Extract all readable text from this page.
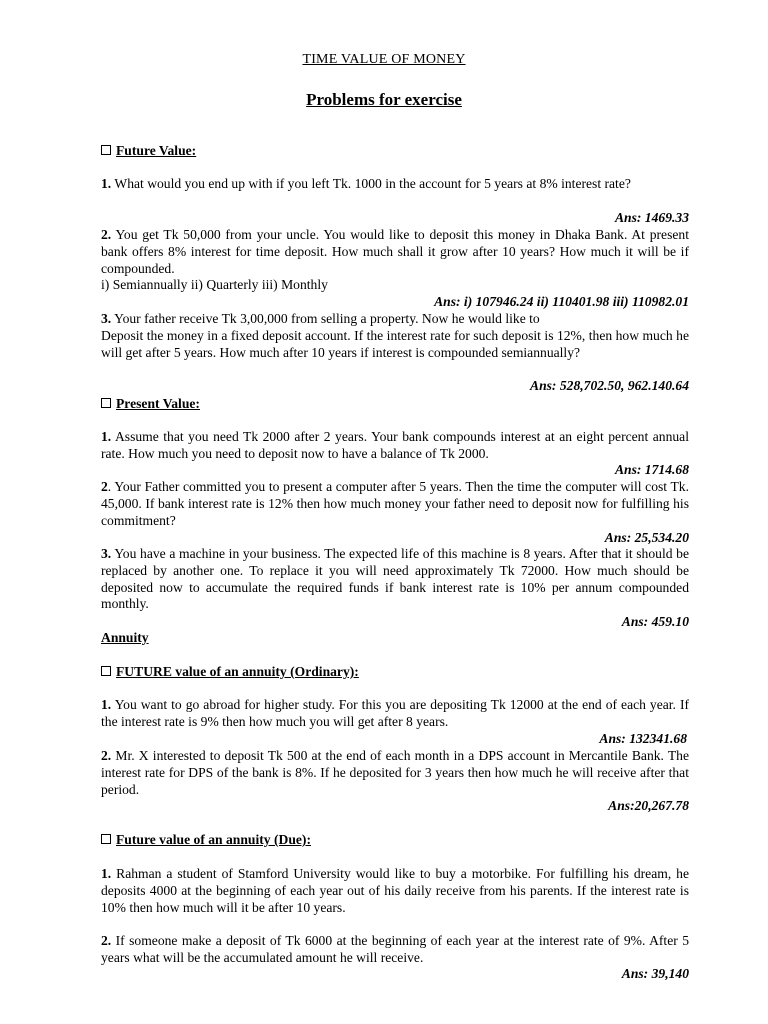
TIME VALUE OF MONEY
Problems for exercise
Future Value:
1. What would you end up with if you left Tk. 1000 in the account for 5 years at 8% interest rate?
Ans: 1469.33
2. You get Tk 50,000 from your uncle. You would like to deposit this money in Dhaka Bank. At present bank offers 8% interest for time deposit. How much shall it grow after 10 years? How much it will be if compounded.
i) Semiannually ii) Quarterly iii) Monthly
Ans: i) 107946.24 ii) 110401.98 iii) 110982.01
3. Your father receive Tk 3,00,000 from selling a property. Now he would like to
Deposit the money in a fixed deposit account. If the interest rate for such deposit is 12%, then how much he will get after 5 years. How much after 10 years if interest is compounded semiannually?
Ans: 528,702.50, 962.140.64
Present Value:
1. Assume that you need Tk 2000 after 2 years. Your bank compounds interest at an eight percent annual rate. How much you need to deposit now to have a balance of Tk 2000.
Ans: 1714.68
2. Your Father committed you to present a computer after 5 years. Then the time the computer will cost Tk. 45,000. If bank interest rate is 12% then how much money your father need to deposit now for fulfilling his commitment?
Ans: 25,534.20
3. You have a machine in your business. The expected life of this machine is 8 years. After that it should be replaced by another one. To replace it you will need approximately Tk 72000. How much should be deposited now to accumulate the required funds if bank interest rate is 10% per annum compounded monthly.
Ans: 459.10
Annuity
FUTURE value of an annuity (Ordinary):
1. You want to go abroad for higher study. For this you are depositing Tk 12000 at the end of each year. If the interest rate is 9% then how much you will get after 8 years.
Ans: 132341.68
2. Mr. X interested to deposit Tk 500 at the end of each month in a DPS account in Mercantile Bank. The interest rate for DPS of the bank is 8%. If he deposited for 3 years then how much he will receive after that period.
Ans:20,267.78
Future value of an annuity (Due):
1. Rahman a student of Stamford University would like to buy a motorbike. For fulfilling his dream, he deposits 4000 at the beginning of each year out of his daily receive from his parents. If the interest rate is 10% then how much will it be after 10 years.
2. If someone make a deposit of Tk 6000 at the beginning of each year at the interest rate of 9%. After 5 years what will be the accumulated amount he will receive.
Ans: 39,140
